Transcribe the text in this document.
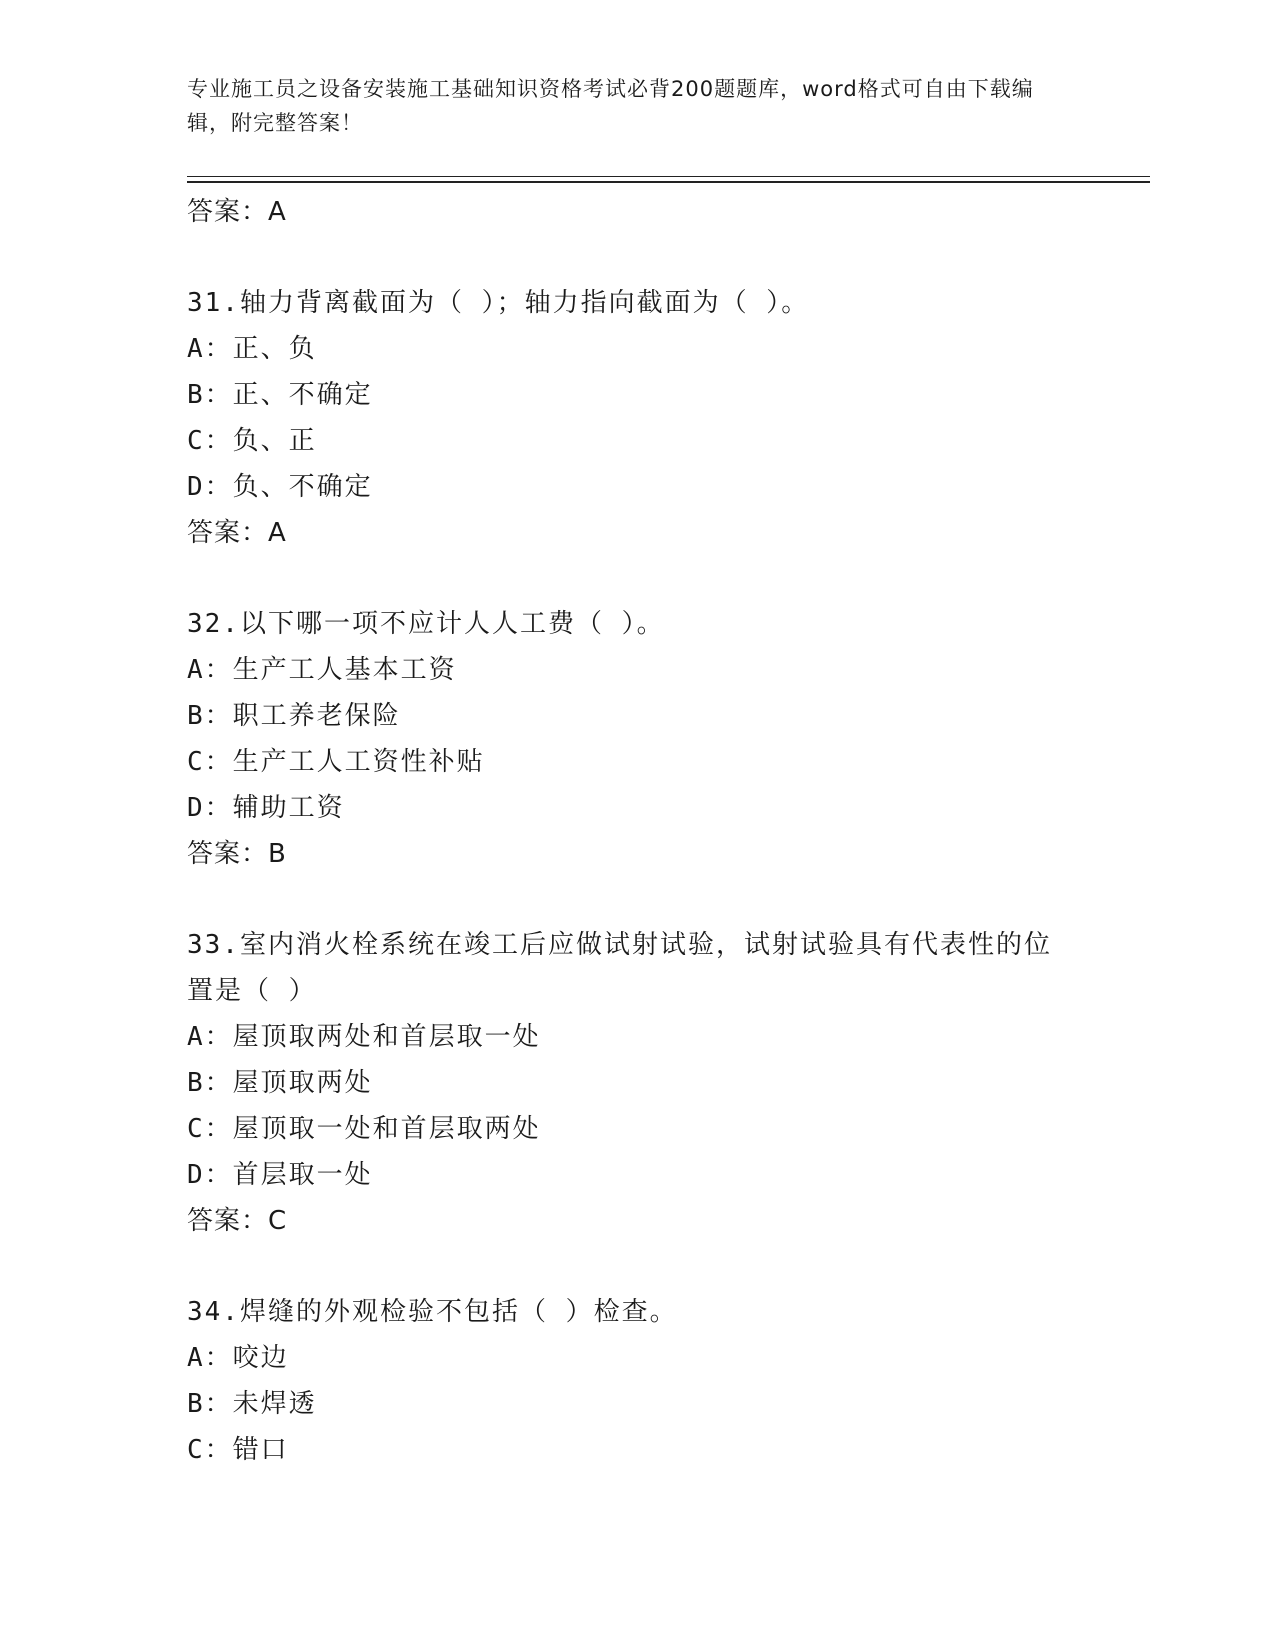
专业施工员之设备安装施工基础知识资格考试必背200题题库，word格式可自由下载编辑，附完整答案！
答案：A
31.轴力背离截面为（ ）；轴力指向截面为（ ）。
A：正、负
B：正、不确定
C：负、正
D：负、不确定
答案：A
32.以下哪一项不应计人人工费（ ）。
A：生产工人基本工资
B：职工养老保险
C：生产工人工资性补贴
D：辅助工资
答案：B
33.室内消火栓系统在竣工后应做试射试验，试射试验具有代表性的位置是（ ）
A：屋顶取两处和首层取一处
B：屋顶取两处
C：屋顶取一处和首层取两处
D：首层取一处
答案：C
34.焊缝的外观检验不包括（ ）检查。
A：咬边
B：未焊透
C：错口
